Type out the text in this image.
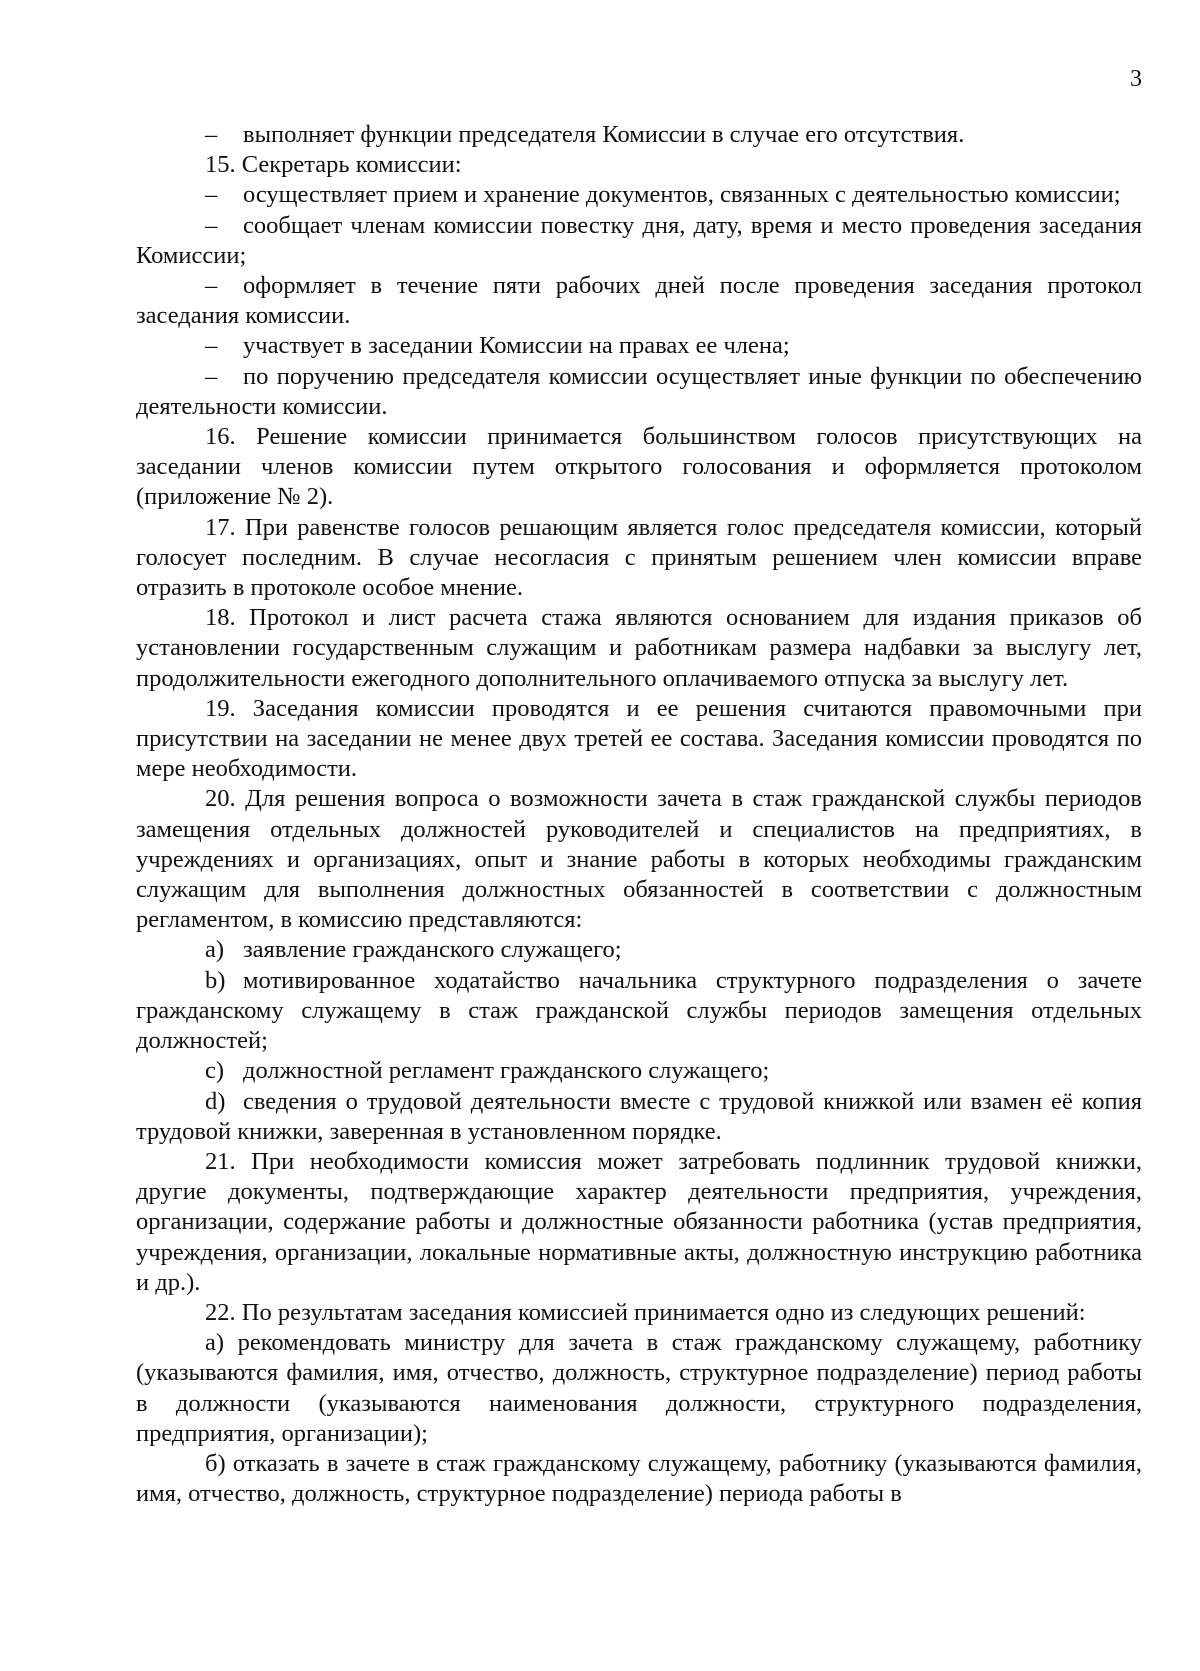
3

– выполняет функции председателя Комиссии в случае его отсутствия.

15. Секретарь комиссии:

– осуществляет прием и хранение документов, связанных с деятельностью комиссии;

– сообщает членам комиссии повестку дня, дату, время и место проведения заседания Комиссии;

– оформляет в течение пяти рабочих дней после проведения заседания протокол заседания комиссии.

– участвует в заседании Комиссии на правах ее члена;

– по поручению председателя комиссии осуществляет иные функции по обеспечению деятельности комиссии.

16. Решение комиссии принимается большинством голосов присутствующих на заседании членов комиссии путем открытого голосования и оформляется протоколом (приложение № 2).

17. При равенстве голосов решающим является голос председателя комиссии, который голосует последним. В случае несогласия с принятым решением член комиссии вправе отразить в протоколе особое мнение.

18. Протокол и лист расчета стажа являются основанием для издания приказов об установлении государственным служащим и работникам размера надбавки за выслугу лет, продолжительности ежегодного дополнительного оплачиваемого отпуска за выслугу лет.

19. Заседания комиссии проводятся и ее решения считаются правомочными при присутствии на заседании не менее двух третей ее состава. Заседания комиссии проводятся по мере необходимости.

20. Для решения вопроса о возможности зачета в стаж гражданской службы периодов замещения отдельных должностей руководителей и специалистов на предприятиях, в учреждениях и организациях, опыт и знание работы в которых необходимы гражданским служащим для выполнения должностных обязанностей в соответствии с должностным регламентом, в комиссию представляются:

a) заявление гражданского служащего;

b) мотивированное ходатайство начальника структурного подразделения о зачете гражданскому служащему в стаж гражданской службы периодов замещения отдельных должностей;

c) должностной регламент гражданского служащего;

d) сведения о трудовой деятельности вместе с трудовой книжкой или взамен её копия трудовой книжки, заверенная в установленном порядке.

21. При необходимости комиссия может затребовать подлинник трудовой книжки, другие документы, подтверждающие характер деятельности предприятия, учреждения, организации, содержание работы и должностные обязанности работника (устав предприятия, учреждения, организации, локальные нормативные акты, должностную инструкцию работника и др.).

22. По результатам заседания комиссией принимается одно из следующих решений:

а) рекомендовать министру для зачета в стаж гражданскому служащему, работнику (указываются фамилия, имя, отчество, должность, структурное подразделение) период работы в должности (указываются наименования должности, структурного подразделения, предприятия, организации);

б) отказать в зачете в стаж гражданскому служащему, работнику (указываются фамилия, имя, отчество, должность, структурное подразделение) периода работы в
